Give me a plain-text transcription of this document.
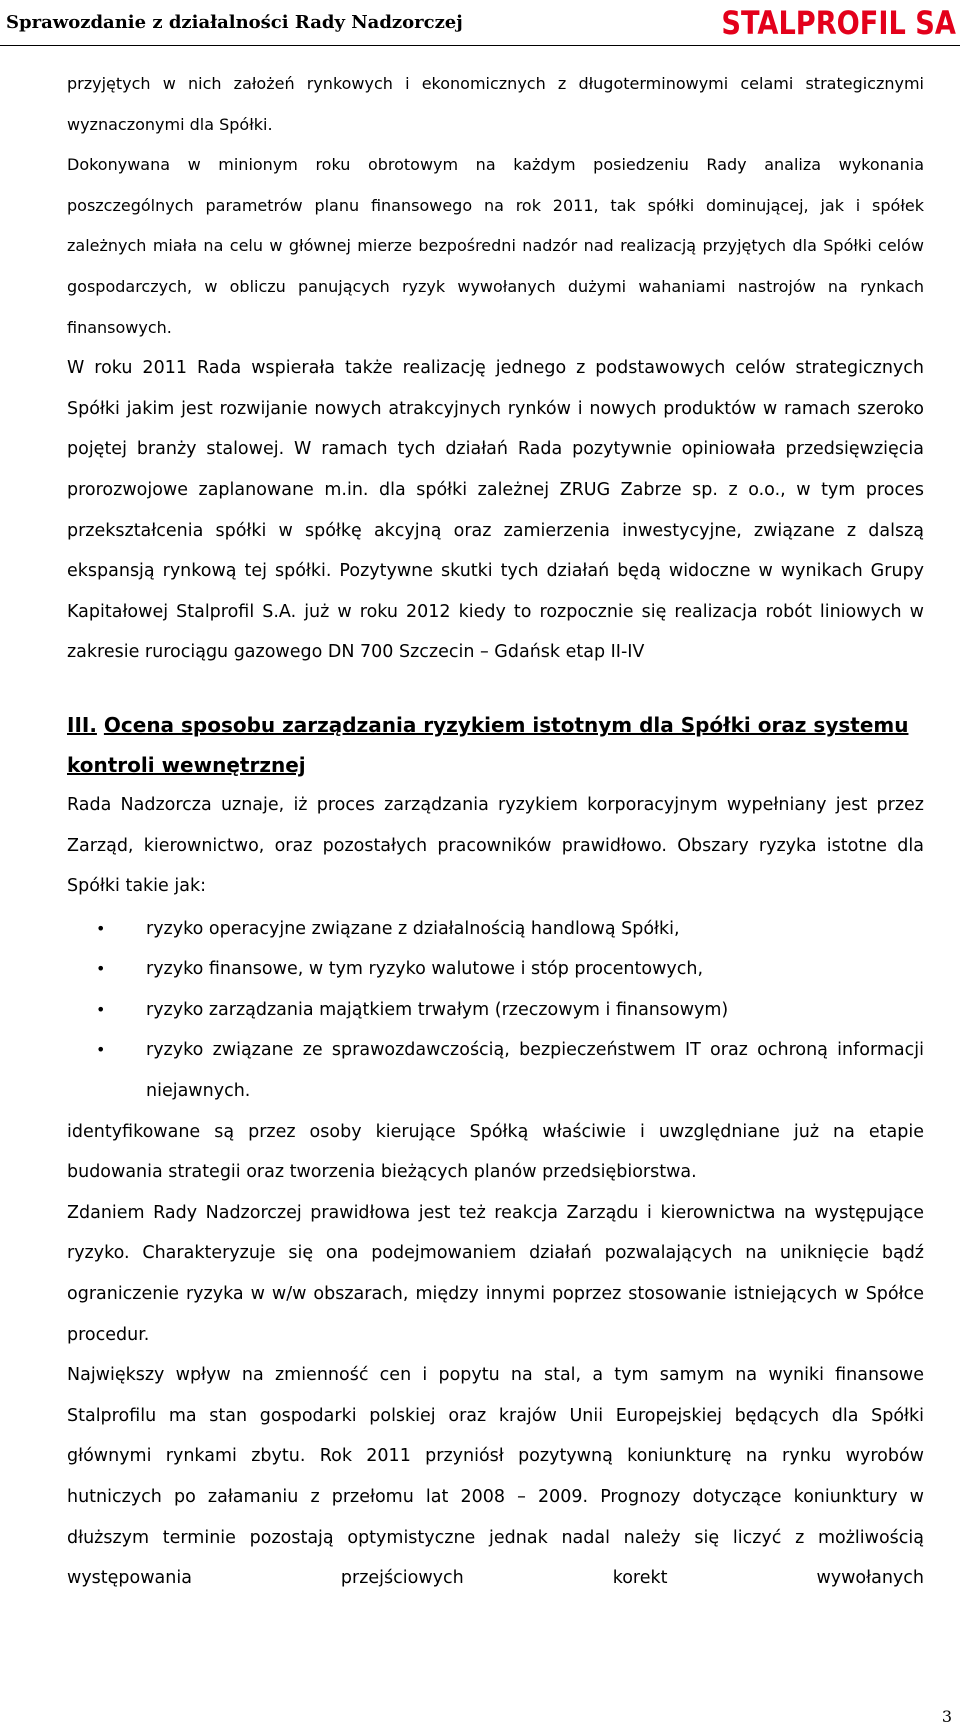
Sprawozdanie z działalności Rady Nadzorczej	STALPROFIL SA

przyjętych w nich założeń rynkowych i ekonomicznych z długoterminowymi celami strategicznymi wyznaczonymi dla Spółki.

Dokonywana w minionym roku obrotowym na każdym posiedzeniu Rady analiza wykonania poszczególnych parametrów planu finansowego na rok 2011, tak spółki dominującej, jak i spółek zależnych miała na celu w głównej mierze bezpośredni nadzór nad realizacją przyjętych dla Spółki celów gospodarczych, w obliczu panujących ryzyk wywołanych dużymi wahaniami nastrojów na rynkach finansowych.

W roku 2011 Rada wspierała także realizację jednego z podstawowych celów strategicznych Spółki jakim jest rozwijanie nowych atrakcyjnych rynków i nowych produktów w ramach szeroko pojętej branży stalowej. W ramach tych działań Rada pozytywnie opiniowała przedsięwzięcia prorozwojowe zaplanowane m.in. dla spółki zależnej ZRUG Zabrze sp. z o.o., w tym proces przekształcenia spółki w spółkę akcyjną oraz zamierzenia inwestycyjne, związane z dalszą ekspansją rynkową tej spółki. Pozytywne skutki tych działań będą widoczne w wynikach Grupy Kapitałowej Stalprofil S.A. już w roku 2012 kiedy to rozpocznie się realizacja robót liniowych w zakresie rurociągu gazowego DN 700 Szczecin – Gdańsk etap II-IV

III. Ocena sposobu zarządzania ryzykiem istotnym dla Spółki oraz systemu
kontroli wewnętrznej

Rada Nadzorcza uznaje, iż proces zarządzania ryzykiem korporacyjnym wypełniany jest przez Zarząd, kierownictwo, oraz pozostałych pracowników prawidłowo. Obszary ryzyka istotne dla Spółki takie jak:

• ryzyko operacyjne związane z działalnością handlową Spółki,
• ryzyko finansowe, w tym ryzyko walutowe i stóp procentowych,
• ryzyko zarządzania majątkiem trwałym (rzeczowym i finansowym)
• ryzyko związane ze sprawozdawczością, bezpieczeństwem IT oraz ochroną informacji niejawnych.

identyfikowane są przez osoby kierujące Spółką właściwie i uwzględniane już na etapie budowania strategii oraz tworzenia bieżących planów przedsiębiorstwa.

Zdaniem Rady Nadzorczej prawidłowa jest też reakcja Zarządu i kierownictwa na występujące ryzyko. Charakteryzuje się ona podejmowaniem działań pozwalających na uniknięcie bądź ograniczenie ryzyka w w/w obszarach, między innymi poprzez stosowanie istniejących w Spółce procedur.

Największy wpływ na zmienność cen i popytu na stal, a tym samym na wyniki finansowe Stalprofilu ma stan gospodarki polskiej oraz krajów Unii Europejskiej będących dla Spółki głównymi rynkami zbytu. Rok 2011 przyniósł pozytywną koniunkturę na rynku wyrobów hutniczych po załamaniu z przełomu lat 2008 – 2009. Prognozy dotyczące koniunktury w dłuższym terminie pozostają optymistyczne jednak nadal należy się liczyć z możliwością występowania przejściowych korekt wywołanych

3
